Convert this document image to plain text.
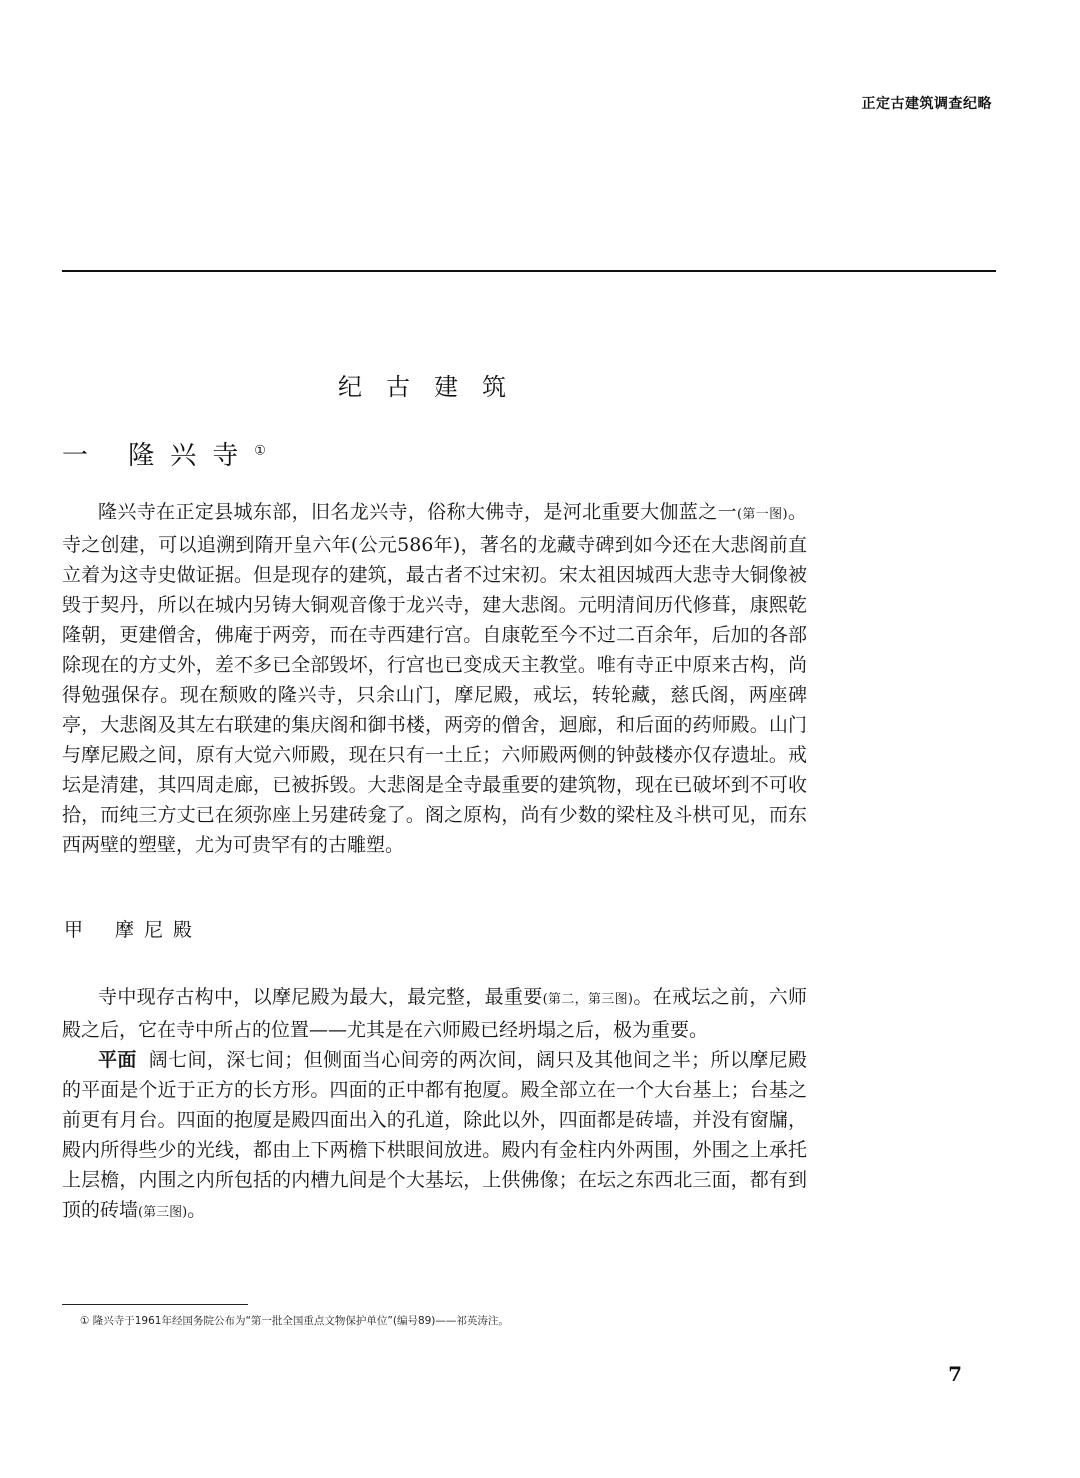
正定古建筑调查纪略
纪古建筑
一 隆兴寺①

隆兴寺在正定县城东部，旧名龙兴寺，俗称大佛寺，是河北重要大伽蓝之一(第一图)。寺之创建，可以追溯到隋开皇六年(公元586年)，著名的龙藏寺碑到如今还在大悲阁前直立着为这寺史做证据。但是现存的建筑，最古者不过宋初。宋太祖因城西大悲寺大铜像被毁于契丹，所以在城内另铸大铜观音像于龙兴寺，建大悲阁。元明清间历代修葺，康熙乾隆朝，更建僧舍，佛庵于两旁，而在寺西建行宫。自康乾至今不过二百余年，后加的各部除现在的方丈外，差不多已全部毁坏，行宫也已变成天主教堂。唯有寺正中原来古构，尚得勉强保存。现在颓败的隆兴寺，只余山门，摩尼殿，戒坛，转轮藏，慈氏阁，两座碑亭，大悲阁及其左右联建的集庆阁和御书楼，两旁的僧舍，迴廊，和后面的药师殿。山门与摩尼殿之间，原有大觉六师殿，现在只有一土丘；六师殿两侧的钟鼓楼亦仅存遗址。戒坛是清建，其四周走廊，已被拆毁。大悲阁是全寺最重要的建筑物，现在已破坏到不可收拾，而纯三方丈已在须弥座上另建砖龛了。阁之原构，尚有少数的梁柱及斗栱可见，而东西两壁的塑壁，尤为可贵罕有的古雕塑。

甲 摩尼殿

寺中现存古构中，以摩尼殿为最大，最完整，最重要(第二，第三图)。在戒坛之前，六师殿之后，它在寺中所占的位置——尤其是在六师殿已经坍塌之后，极为重要。

平面 阔七间，深七间；但侧面当心间旁的两次间，阔只及其他间之半；所以摩尼殿的平面是个近于正方的长方形。四面的正中都有抱厦。殿全部立在一个大台基上；台基之前更有月台。四面的抱厦是殿四面出入的孔道，除此以外，四面都是砖墙，并没有窗牖，殿内所得些少的光线，都由上下两檐下栱眼间放进。殿内有金柱内外两围，外围之上承托上层檐，内围之内所包括的内槽九间是个大基坛，上供佛像；在坛之东西北三面，都有到顶的砖墙(第三图)。

① 隆兴寺于1961年经国务院公布为“第一批全国重点文物保护单位”(编号89)——祁英涛注。
7
